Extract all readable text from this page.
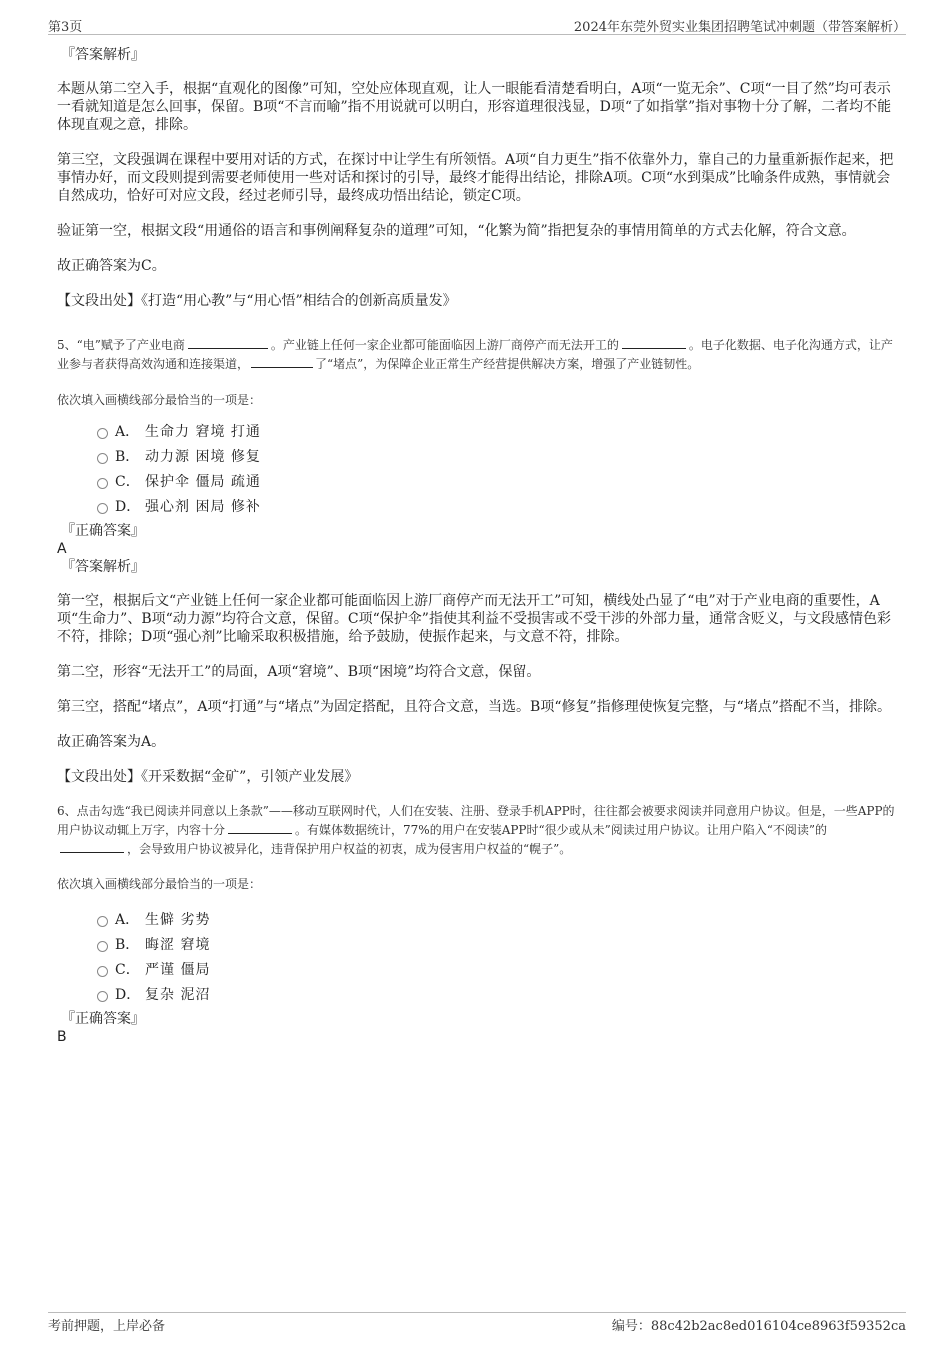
第3页	2024年东莞外贸实业集团招聘笔试冲刺题（带答案解析）

『答案解析』

本题从第二空入手，根据“直观化的图像”可知，空处应体现直观，让人一眼能看清楚看明白，A项“一览无余”、C项“一目了然”均可表示一看就知道是怎么回事，保留。B项“不言而喻”指不用说就可以明白，形容道理很浅显，D项“了如指掌”指对事物十分了解，二者均不能体现直观之意，排除。

第三空，文段强调在课程中要用对话的方式，在探讨中让学生有所领悟。A项“自力更生”指不依靠外力，靠自己的力量重新振作起来，把事情办好，而文段则提到需要老师使用一些对话和探讨的引导，最终才能得出结论，排除A项。C项“水到渠成”比喻条件成熟，事情就会自然成功，恰好可对应文段，经过老师引导，最终成功悟出结论，锁定C项。

验证第一空，根据文段“用通俗的语言和事例阐释复杂的道理”可知，“化繁为简”指把复杂的事情用简单的方式去化解，符合文意。

故正确答案为C。

【文段出处】《打造“用心教”与“用心悟”相结合的创新高质量发》

5、“电”赋予了产业电商	。产业链上任何一家企业都可能面临因上游厂商停产而无法开工的	。电子化数据、电子化沟通方式，让产业参与者获得高效沟通和连接渠道，	了“堵点”，为保障企业正常生产经营提供解决方案，增强了产业链韧性。

依次填入画横线部分最恰当的一项是：

A． 生命力 窘境 打通
B． 动力源 困境 修复
C． 保护伞 僵局 疏通
D． 强心剂 困局 修补

『正确答案』

A

『答案解析』

第一空，根据后文“产业链上任何一家企业都可能面临因上游厂商停产而无法开工”可知，横线处凸显了“电”对于产业电商的重要性，A项“生命力”、B项“动力源”均符合文意，保留。C项“保护伞”指使其利益不受损害或不受干涉的外部力量，通常含贬义，与文段感情色彩不符，排除；D项“强心剂”比喻采取积极措施，给予鼓励，使振作起来，与文意不符，排除。

第二空，形容“无法开工”的局面，A项“窘境”、B项“困境”均符合文意，保留。

第三空，搭配“堵点”，A项“打通”与“堵点”为固定搭配，且符合文意，当选。B项“修复”指修理使恢复完整，与“堵点”搭配不当，排除。

故正确答案为A。

【文段出处】《开采数据“金矿”，引领产业发展》

6、点击勾选“我已阅读并同意以上条款”——移动互联网时代，人们在安装、注册、登录手机APP时，往往都会被要求阅读并同意用户协议。但是，一些APP的用户协议动辄上万字，内容十分	。有媒体数据统计，77%的用户在安装APP时“很少或从未”阅读过用户协议。让用户陷入“不阅读”的，会导致用户协议被异化，违背保护用户权益的初衷，成为侵害用户权益的“幌子”。

依次填入画横线部分最恰当的一项是：

A． 生僻 劣势
B． 晦涩 窘境
C． 严谨 僵局
D． 复杂 泥沼

『正确答案』

B

考前押题，上岸必备	编号：88c42b2ac8ed016104ce8963f59352ca
